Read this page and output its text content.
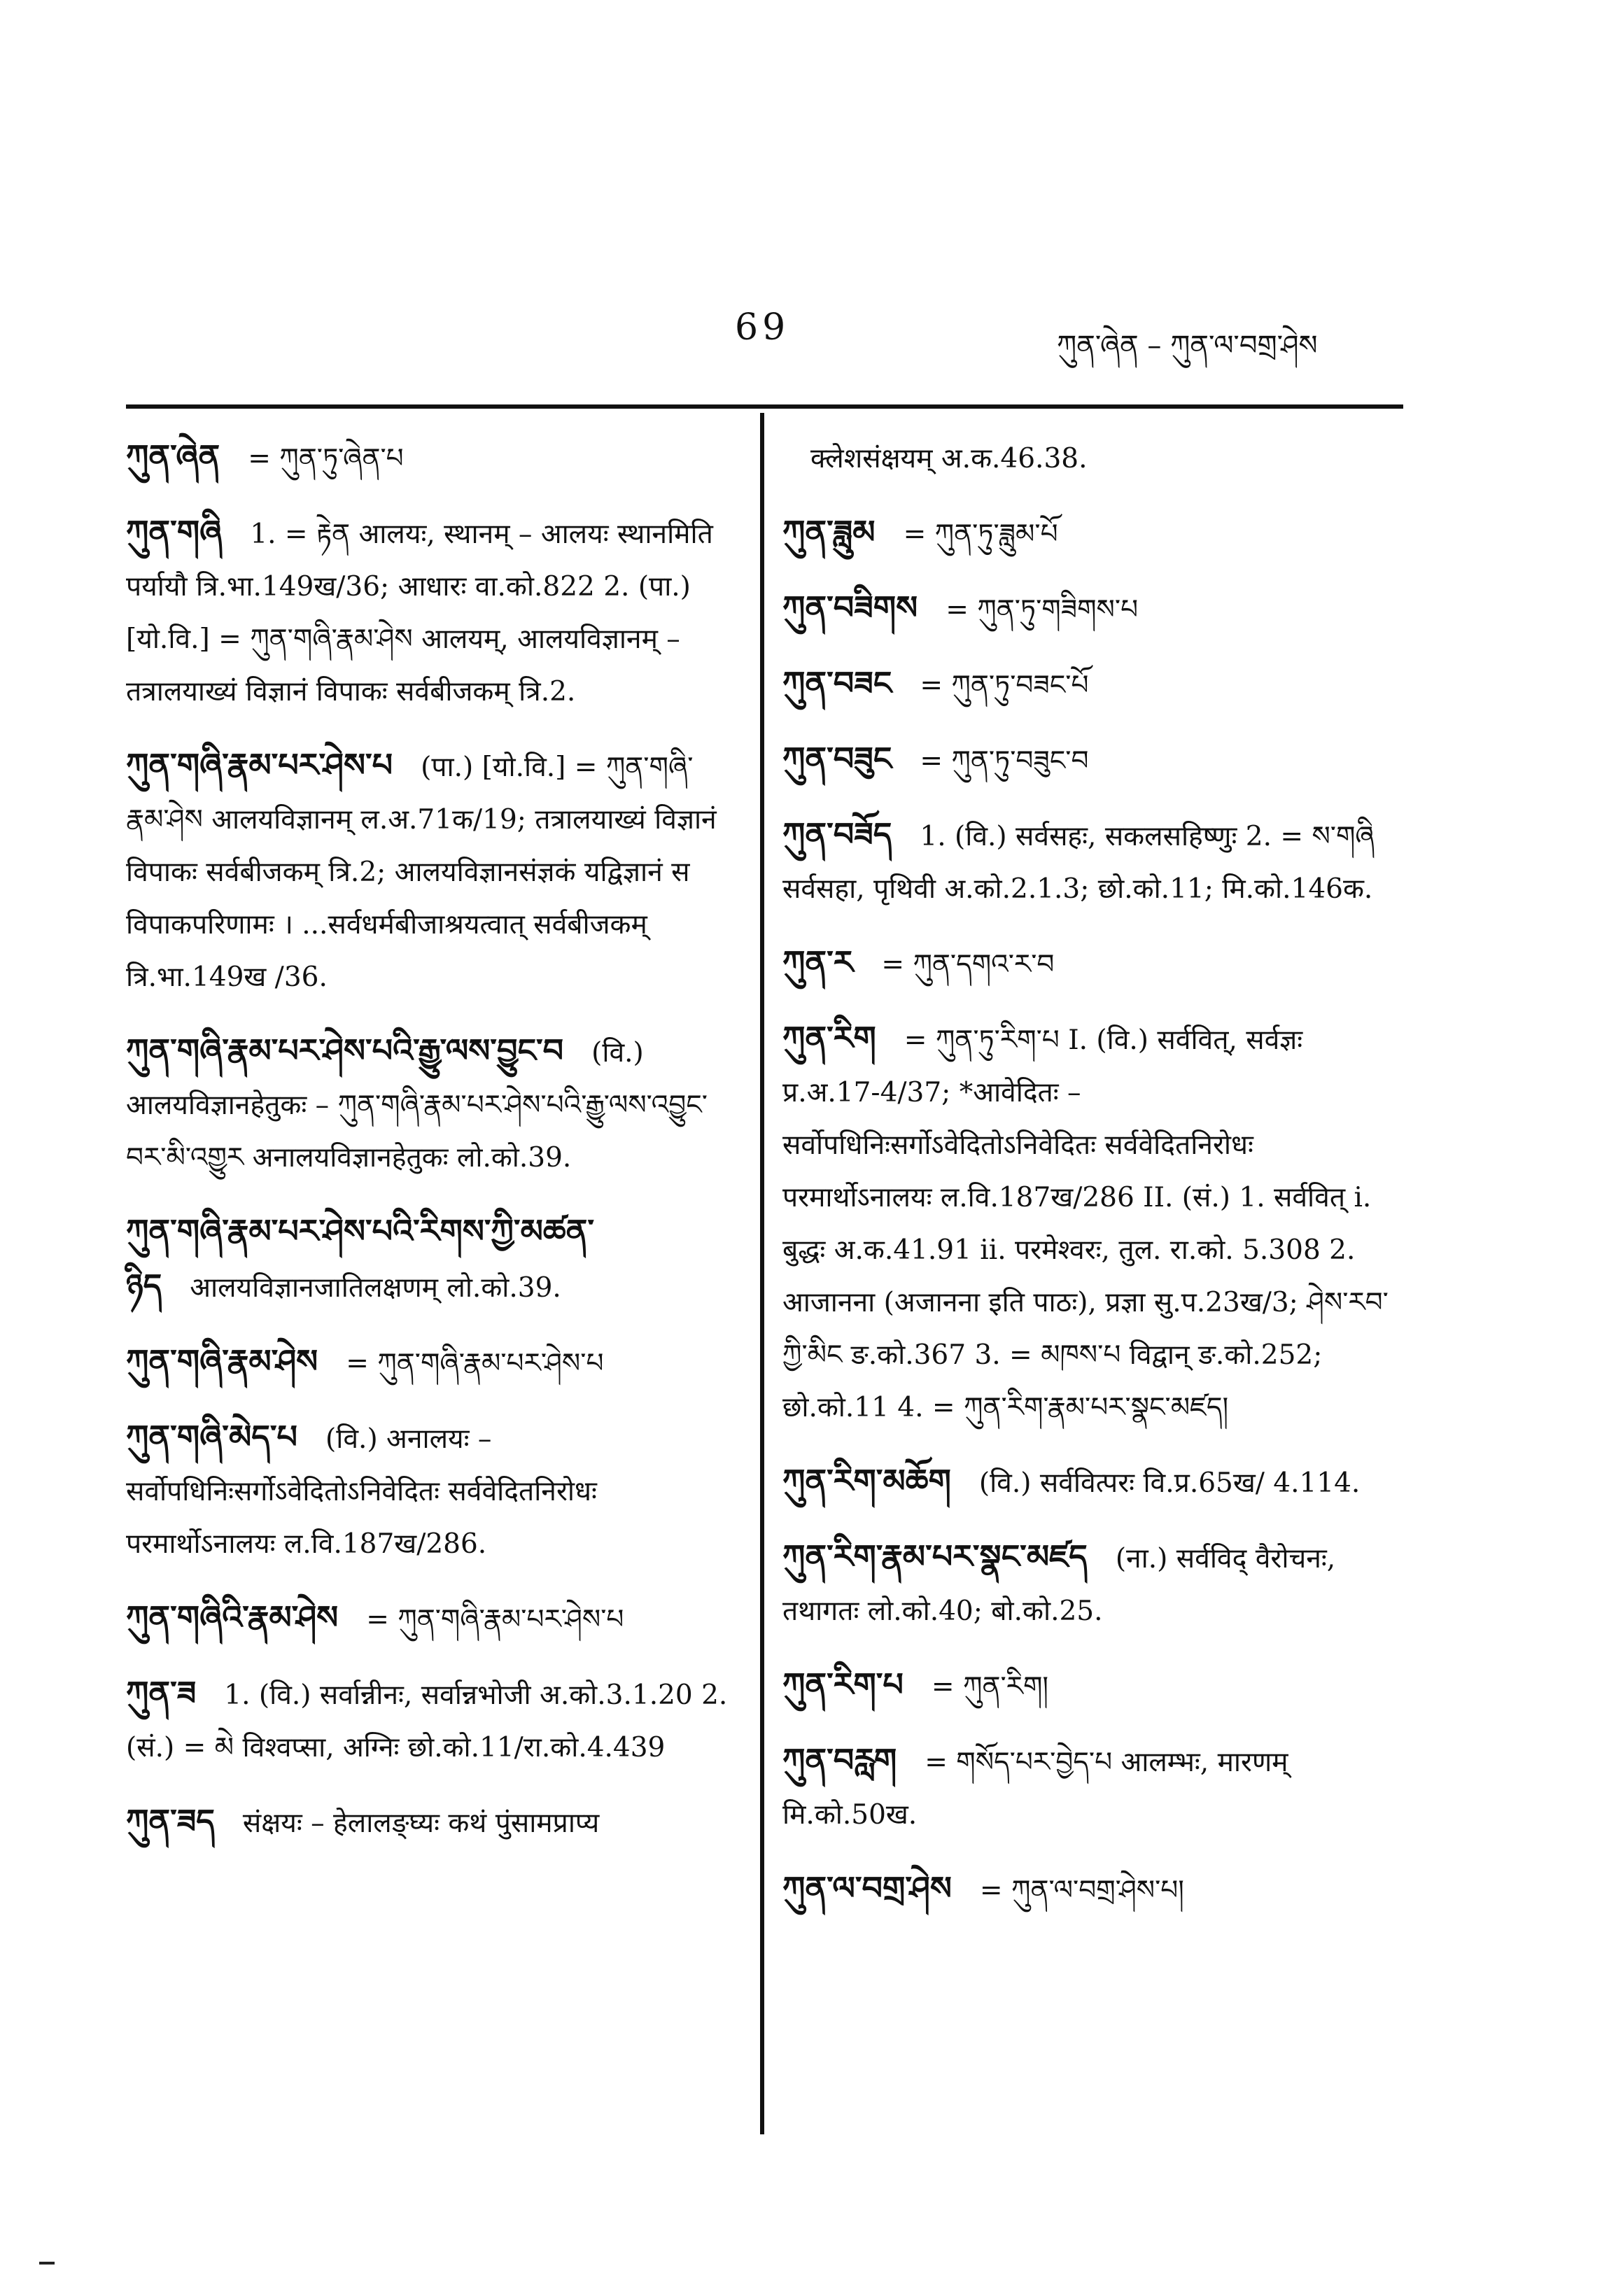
69	ཀུན་ཞེན – ཀུན་ལ་བགྲ་ཤེས
ཀུན་ཞེན = ཀུན་ཏུ་ཞེན་པ
ཀུན་གཞི 1. = རྟེན आलयः, स्थानम् – आलयः स्थानमिति पर्यायौ त्रि.भा.149ख/36; आधारः वा.को.822 2. (पा.) [यो.वि.] = ཀུན་གཞི་རྣམ་ཤེས आलयम्, आलयविज्ञानम् – तत्रालयाख्यं विज्ञानं विपाकः सर्वबीजकम् त्रि.2.
ཀུན་གཞི་རྣམ་པར་ཤེས་པ (पा.) [यो.वि.] = ཀུན་གཞི་རྣམ་ཤེས आलयविज्ञानम् ल.अ.71क/19; तत्रालयाख्यं विज्ञानं विपाकः सर्वबीजकम् त्रि.2; आलयविज्ञानसंज्ञकं यद्विज्ञानं स विपाकपरिणामः । ...सर्वधर्मबीजाश्रयत्वात् सर्वबीजकम् त्रि.भा.149ख /36.
ཀུན་གཞི་རྣམ་པར་ཤེས་པའི་རྒྱུ་ལས་བྱུང་བ (वि.) आलयविज्ञानहेतुकः – ཀུན་གཞི་རྣམ་པར་ཤེས་པའི་རྒྱུ་ལས་འབྱུང་བར་མི་འགྱུར अनालयविज्ञानहेतुकः लो.को.39.
ཀུན་གཞི་རྣམ་པར་ཤེས་པའི་རིགས་ཀྱི་མཚན་ཉིད आलयविज्ञानजातिलक्षणम् लो.को.39.
ཀུན་གཞི་རྣམ་ཤེས = ཀུན་གཞི་རྣམ་པར་ཤེས་པ
ཀུན་གཞི་མེད་པ (वि.) अनालयः – सर्वोपधिनिःसर्गोऽवेदितोऽनिवेदितः सर्ववेदितनिरोधः परमार्थोऽनालयः ल.वि.187ख/286.
ཀུན་གཞིའི་རྣམ་ཤེས = ཀུན་གཞི་རྣམ་པར་ཤེས་པ
ཀུན་ཟ 1. (वि.) सर्वान्नीनः, सर्वान्नभोजी अ.को.3.1.20 2. (सं.) = མེ विश्वप्सा, अग्निः छो.को.11/रा.को.4.439
ཀུན་ཟད संक्षयः – हेलालङ्घ्यः कथं पुंसामप्राप्य
क्लेशसंक्षयम् अ.क.46.38.
ཀུན་ཟླུམ = ཀུན་ཏུ་ཟླུམ་པོ
ཀུན་བཟིགས = ཀུན་ཏུ་གཟིགས་པ
ཀུན་བཟང = ཀུན་ཏུ་བཟང་པོ
ཀུན་བཟུང = ཀུན་ཏུ་བཟུང་བ
ཀུན་བཟོད 1. (वि.) सर्वसहः, सकलसहिष्णुः 2. = ས་གཞི सर्वसहा, पृथिवी अ.को.2.1.3; छो.को.11; मि.को.146क.
ཀུན་ར = ཀུན་དགའ་ར་བ
ཀུན་རིག = ཀུན་ཏུ་རིག་པ I. (वि.) सर्ववित्, सर्वज्ञः प्र.अ.17-4/37; *आवेदितः – सर्वोपधिनिःसर्गोऽवेदितोऽनिवेदितः सर्ववेदितनिरोधः परमार्थोऽनालयः ल.वि.187ख/286 II. (सं.) 1. सर्ववित् i. बुद्धः अ.क.41.91 ii. परमेश्वरः, तुल. रा.को. 5.308 2. आजानना (अजानना इति पाठः), प्रज्ञा सु.प.23ख/3; ཤེས་རབ་ཀྱི་མིང ङ.को.367 3. = མཁས་པ विद्वान् ङ.को.252; छो.को.11 4. = ཀུན་རིག་རྣམ་པར་སྣང་མཛད།
ཀུན་རིག་མཆོག (वि.) सर्ववित्परः वि.प्र.65ख/ 4.114.
ཀུན་རིག་རྣམ་པར་སྣང་མཛད (ना.) सर्वविद् वैरोचनः, तथागतः लो.को.40; बो.को.25.
ཀུན་རིག་པ = ཀུན་རིག།
ཀུན་བརླག = གསོད་པར་བྱེད་པ आलम्भः, मारणम् मि.को.50ख.
ཀུན་ལ་བགྲ་ཤེས = ཀུན་ལ་བགྲ་ཤེས་པ།
